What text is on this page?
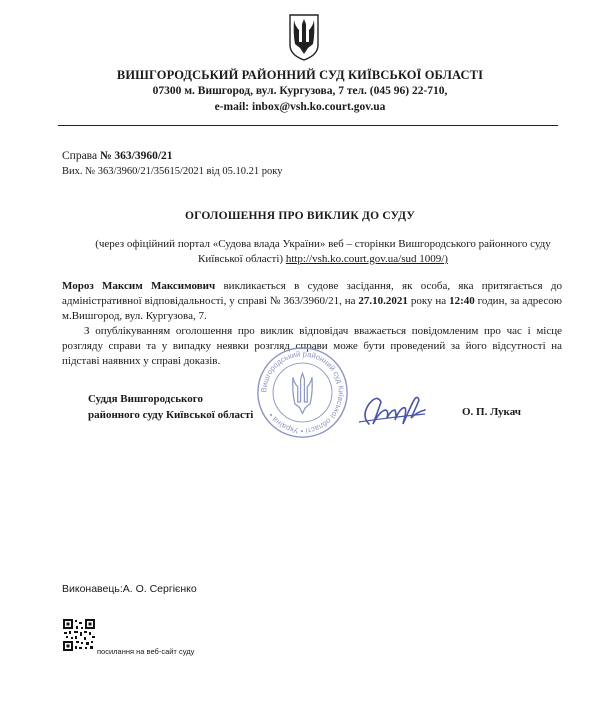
ВИШГОРОДСЬКИЙ РАЙОННИЙ СУД КИЇВСЬКОЇ ОБЛАСТІ
07300 м. Вишгород, вул. Кургузова, 7 тел. (045 96) 22-710,
e-mail: inbox@vsh.ko.court.gov.ua
Справа № 363/3960/21
Вих. № 363/3960/21/35615/2021 від 05.10.21 року
ОГОЛОШЕННЯ ПРО ВИКЛИК ДО СУДУ
(через офіційний портал «Судова влада України» веб – сторінки Вишгородського районного суду Київської області) http://vsh.ko.court.gov.ua/sud 1009/)
Мороз Максим Максимович викликається в судове засідання, як особа, яка притягається до адміністративної відповідальності, у справі № 363/3960/21, на 27.10.2021 року на 12:40 годин, за адресою м.Вишгород, вул. Кургузова, 7.
З опублікуванням оголошення про виклик відповідач вважається повідомленим про час і місце розгляду справи та у випадку неявки розгляд справи може бути проведений за його відсутності на підставі наявних у справі доказів.
Вишгородський районний суд Київської області • Україна •
Суддя Вишгородського
районного суду Київської області	О. П. Лукач
Виконавець:А. О. Сергієнко
посилання на веб-сайт суду
